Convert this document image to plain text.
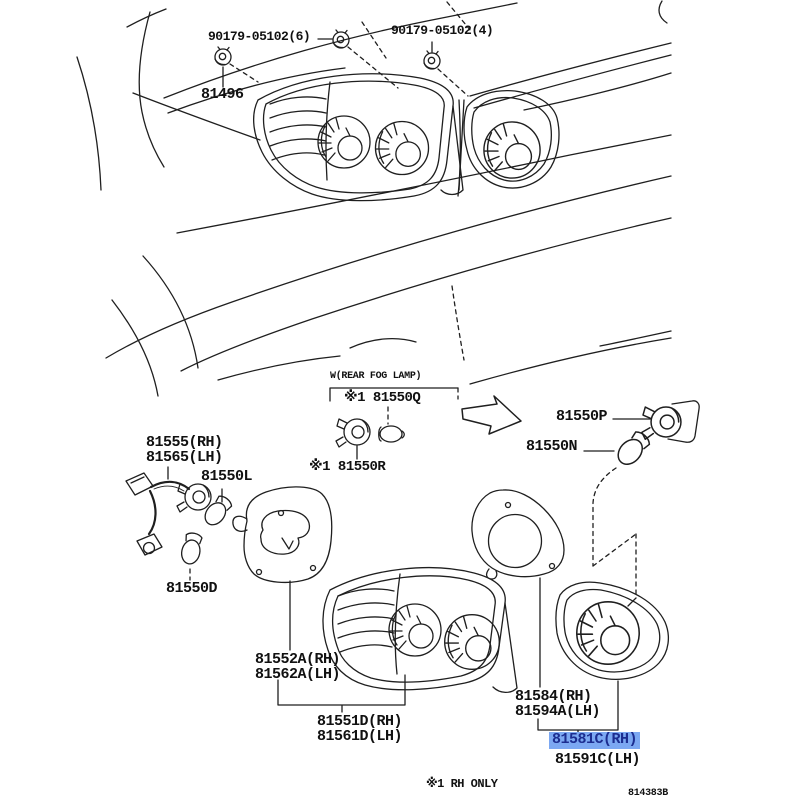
90179-05102(6)	90179-05102(4)
81496
W(REAR FOG LAMP)
※1 81550Q
※1 81550R
81550P
81550N
81555(RH)
81565(LH)
81550L
81550D
81552A(RH)
81562A(LH)
81551D(RH)
81561D(LH)
81584(RH)
81594A(LH)
81581C(RH)
81591C(LH)
※1 RH ONLY
814383B
